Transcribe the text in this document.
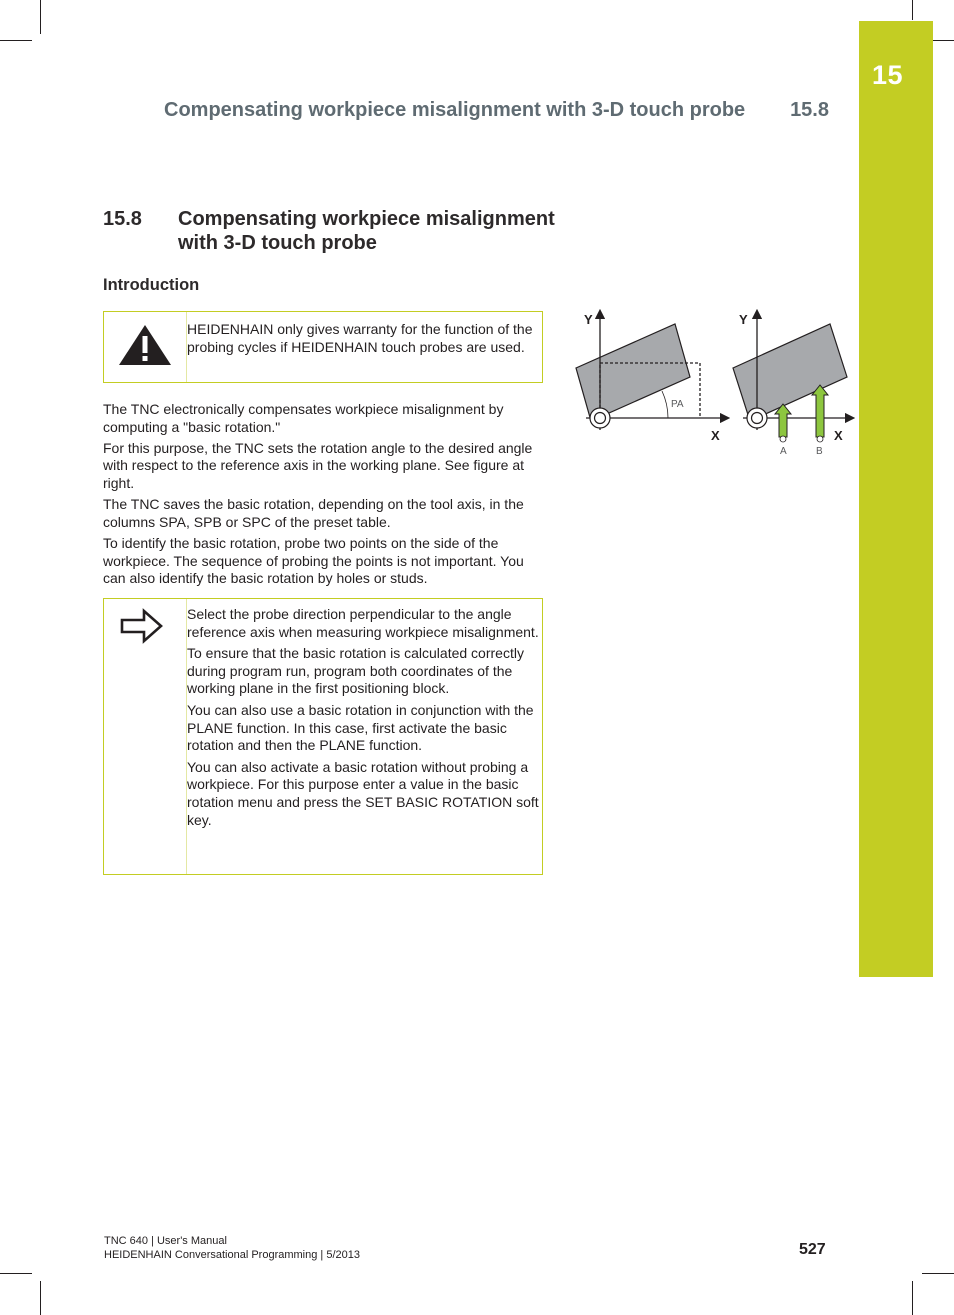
15
Compensating workpiece misalignment with 3-D touch probe 15.8
15.8 Compensating workpiece misalignment with 3-D touch probe
Introduction
HEIDENHAIN only gives warranty for the function of the probing cycles if HEIDENHAIN touch probes are used.

The TNC electronically compensates workpiece misalignment by computing a "basic rotation."

For this purpose, the TNC sets the rotation angle to the desired angle with respect to the reference axis in the working plane. See figure at right.

The TNC saves the basic rotation, depending on the tool axis, in the columns SPA, SPB or SPC of the preset table.

To identify the basic rotation, probe two points on the side of the workpiece. The sequence of probing the points is not important. You can also identify the basic rotation by holes or studs.

Select the probe direction perpendicular to the angle reference axis when measuring workpiece misalignment.

To ensure that the basic rotation is calculated correctly during program run, program both coordinates of the working plane in the first positioning block.

You can also use a basic rotation in conjunction with the PLANE function. In this case, first activate the basic rotation and then the PLANE function.

You can also activate a basic rotation without probing a workpiece. For this purpose enter a value in the basic rotation menu and press the SET BASIC ROTATION soft key.

Y
X
PA
Y
X
A	B
TNC 640 | User's Manual
HEIDENHAIN Conversational Programming | 5/2013	527
